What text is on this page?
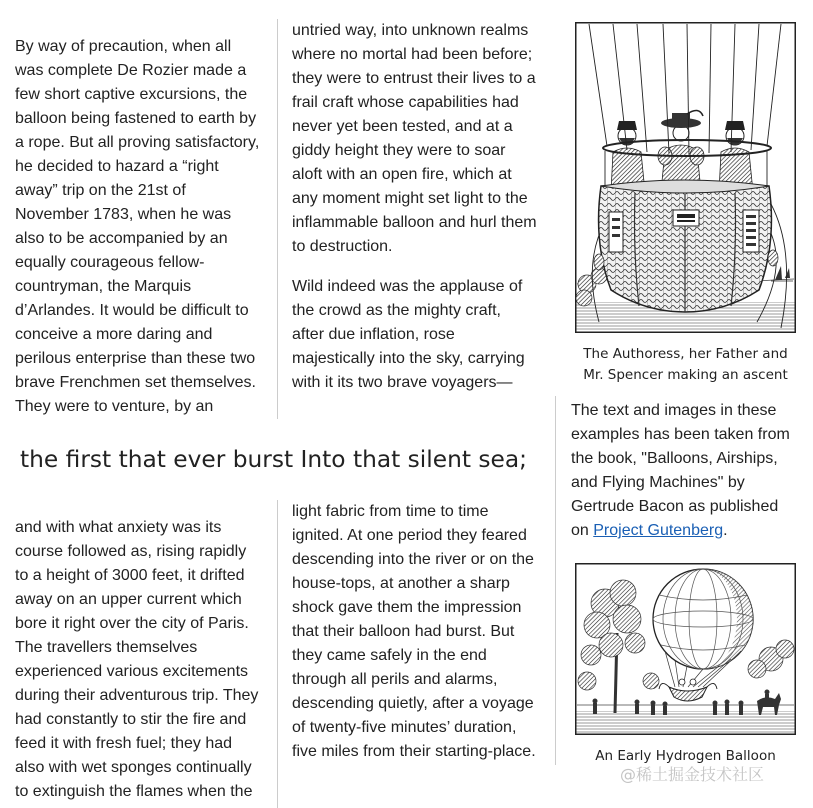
By way of precaution, when all
was complete De Rozier made a
few short captive excursions, the
balloon being fastened to earth by
a rope. But all proving satisfactory,
he decided to hazard a “right
away” trip on the 21st of
November 1783, when he was
also to be accompanied by an
equally courageous fellow-
countryman, the Marquis
d’Arlandes. It would be difficult to
conceive a more daring and
perilous enterprise than these two
brave Frenchmen set themselves.
They were to venture, by an

untried way, into unknown realms
where no mortal had been before;
they were to entrust their lives to a
frail craft whose capabilities had
never yet been tested, and at a
giddy height they were to soar
aloft with an open fire, which at
any moment might set light to the
inflammable balloon and hurl them
to destruction.
Wild indeed was the applause of
the crowd as the mighty craft,
after due inflation, rose
majestically into the sky, carrying
with it its two brave voyagers—
the first that ever burst Into that silent sea;
and with what anxiety was its
course followed as, rising rapidly
to a height of 3000 feet, it drifted
away on an upper current which
bore it right over the city of Paris.
The travellers themselves
experienced various excitements
during their adventurous trip. They
had constantly to stir the fire and
feed it with fresh fuel; they had
also with wet sponges continually
to extinguish the flames when the
light fabric from time to time
ignited. At one period they feared
descending into the river or on the
house-tops, at another a sharp
shock gave them the impression
that their balloon had burst. But
they came safely in the end
through all perils and alarms,
descending quietly, after a voyage
of twenty-five minutes’ duration,
five miles from their starting-place.
The Authoress, her Father and
Mr. Spencer making an ascent
The text and images in these
examples has been taken from
the book, "Balloons, Airships,
and Flying Machines" by
Gertrude Bacon as published
on Project Gutenberg.
An Early Hydrogen Balloon
@稀土掘金技术社区
